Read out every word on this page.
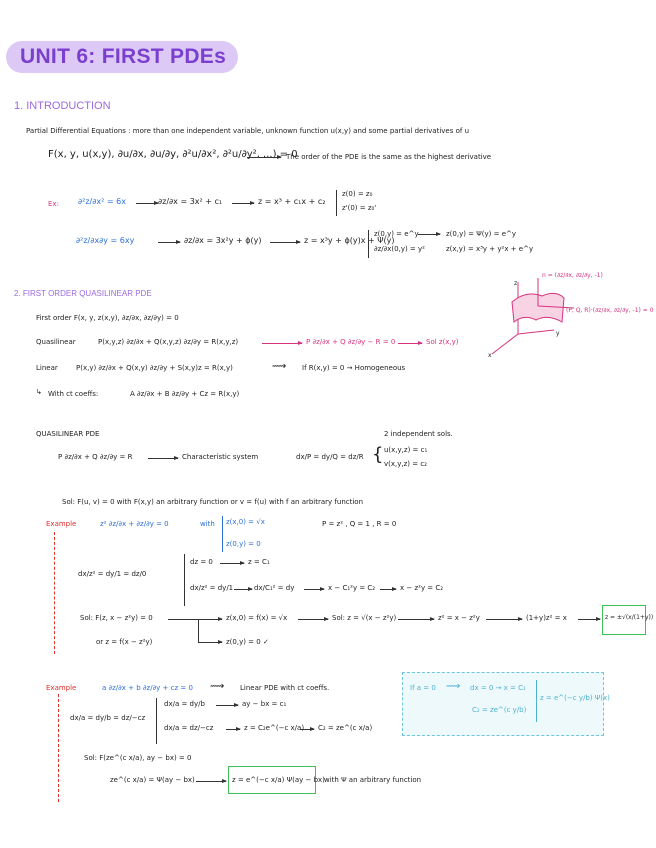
UNIT 6: FIRST PDEs
1. INTRODUCTION
Partial Differential Equations : more than one independent variable, unknown function u(x,y) and some partial derivatives of u
F(x, y, u(x,y), ∂u/∂x, ∂u/∂y, ∂²u/∂x², ∂²u/∂y², ...) = 0
The order of the PDE is the same as the highest derivative
Ex: ∂²z/∂x² = 6x	∂z/∂x = 3x² + c₁	z = x³ + c₁x + c₂
z(0) = z₀
z'(0) = z₀'
∂²z/∂x∂y = 6xy	∂z/∂x = 3x²y + ϕ(y)	z = x³y + ϕ(y)x + Ψ(y)
z(0,y) = e^y
∂z/∂x(0,y) = y²
z(0,y) = Ψ(y) = e^y
z(x,y) = x³y + y²x + e^y
n = (∂z/∂x, ∂z/∂y, -1)
(P, Q, R)·(∂z/∂x, ∂z/∂y, -1) = 0
x
y
z
2. FIRST ORDER QUASILINEAR PDE
First order F(x, y, z(x,y), ∂z/∂x, ∂z/∂y) = 0
Quasilinear	P(x,y,z) ∂z/∂x + Q(x,y,z) ∂z/∂y = R(x,y,z)	P ∂z/∂x + Q ∂z/∂y − R = 0	Sol z(x,y)
Linear	P(x,y) ∂z/∂x + Q(x,y) ∂z/∂y + S(x,y)z = R(x,y)	⟿ If R(x,y) = 0 → Homogeneous
↳ With ct coeffs:	A ∂z/∂x + B ∂z/∂y + Cz = R(x,y)
QUASILINEAR PDE	2 independent sols.
P ∂z/∂x + Q ∂z/∂y = R	Characteristic system	dx/P = dy/Q = dz/R { u(x,y,z) = c₁
v(x,y,z) = c₂
Sol: F(u, v) = 0 with F(x,y) an arbitrary function or v = f(u) with f an arbitrary function
Example	z² ∂z/∂x + ∂z/∂y = 0	with z(x,0) = √x
z(0,y) = 0
P = z² , Q = 1 , R = 0
dx/z² = dy/1 = dz/0
dz = 0	z = C₁
dx/z² = dy/1	dx/C₁² = dy	x − C₁²y = C₂	x − z²y = C₂
Sol: F(z, x − z²y) = 0	z(x,0) = f(x) = √x	Sol: z = √(x − z²y)	z² = x − z²y	(1+y)z² = x	z = ±√(x/(1+y))
or z = f(x − z²y)	z(0,y) = 0 ✓
Example	a ∂z/∂x + b ∂z/∂y + cz = 0 ⟿ Linear PDE with ct coeffs.
dx/a = dy/b = dz/−cz
dx/a = dy/b	ay − bx = c₁
dx/a = dz/−cz	z = C₂e^(−c x/a) C₂ = ze^(c x/a)
Sol: F(ze^(c x/a), ay − bx) = 0
ze^(c x/a) = Ψ(ay − bx)	z = e^(−c x/a) Ψ(ay − bx) with Ψ an arbitrary function
If a = 0 ⟿ dx = 0 → x = C₁
C₂ = ze^(c y/b)
z = e^(−c y/b) Ψ(x)
